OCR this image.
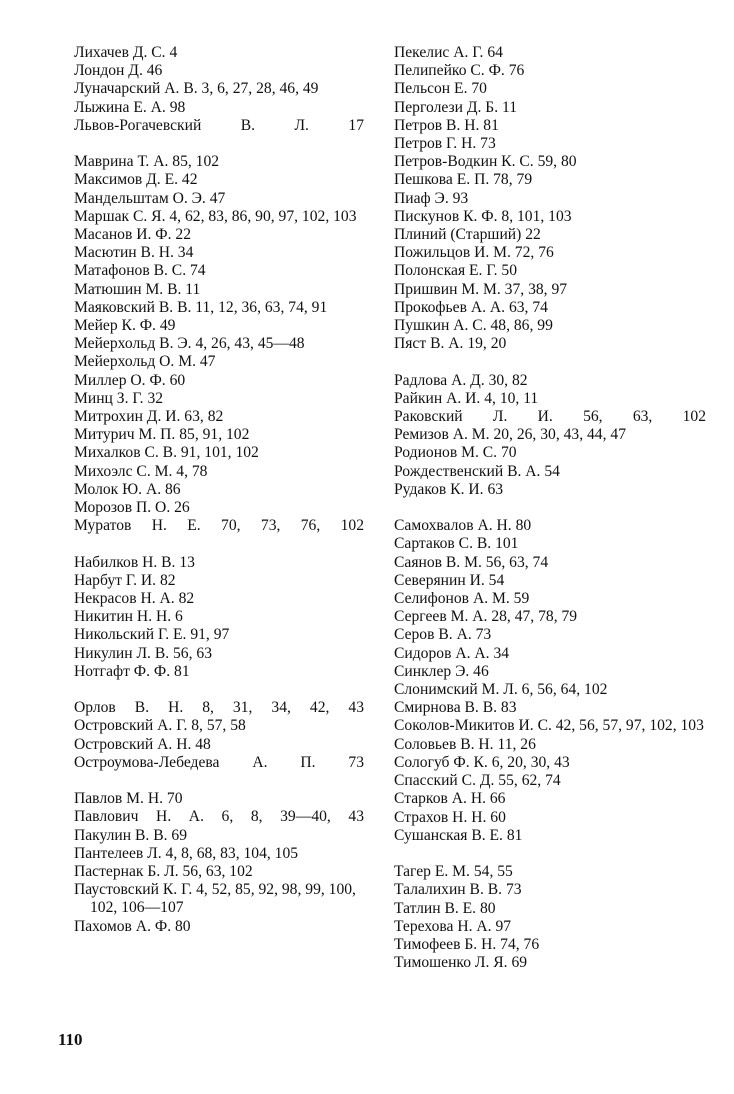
Лихачев Д. С. 4
Лондон Д. 46
Луначарский А. В. 3, 6, 27, 28, 46, 49
Лыжина Е. А. 98
Львов-Рогачевский В. Л. 17
Маврина Т. А. 85, 102
Максимов Д. Е. 42
Мандельштам О. Э. 47
Маршак С. Я. 4, 62, 83, 86, 90, 97, 102, 103
Масанов И. Ф. 22
Масютин В. Н. 34
Матафонов В. С. 74
Матюшин М. В. 11
Маяковский В. В. 11, 12, 36, 63, 74, 91
Мейер К. Ф. 49
Мейерхольд В. Э. 4, 26, 43, 45—48
Мейерхольд О. М. 47
Миллер О. Ф. 60
Минц З. Г. 32
Митрохин Д. И. 63, 82
Митурич М. П. 85, 91, 102
Михалков С. В. 91, 101, 102
Михоэлс С. М. 4, 78
Молок Ю. А. 86
Морозов П. О. 26
Муратов Н. Е. 70, 73, 76, 102
Набилков Н. В. 13
Нарбут Г. И. 82
Некрасов Н. А. 82
Никитин Н. Н. 6
Никольский Г. Е. 91, 97
Никулин Л. В. 56, 63
Нотгафт Ф. Ф. 81
Орлов В. Н. 8, 31, 34, 42, 43
Островский А. Г. 8, 57, 58
Островский А. Н. 48
Остроумова-Лебедева А. П. 73
Павлов М. Н. 70
Павлович Н. А. 6, 8, 39—40, 43
Пакулин В. В. 69
Пантелеев Л. 4, 8, 68, 83, 104, 105
Пастернак Б. Л. 56, 63, 102
Паустовский К. Г. 4, 52, 85, 92, 98, 99, 100, 102, 106—107
Пахомов А. Ф. 80
Пекелис А. Г. 64
Пелипейко С. Ф. 76
Пельсон Е. 70
Перголези Д. Б. 11
Петров В. Н. 81
Петров Г. Н. 73
Петров-Водкин К. С. 59, 80
Пешкова Е. П. 78, 79
Пиаф Э. 93
Пискунов К. Ф. 8, 101, 103
Плиний (Старший) 22
Пожильцов И. М. 72, 76
Полонская Е. Г. 50
Пришвин М. М. 37, 38, 97
Прокофьев А. А. 63, 74
Пушкин А. С. 48, 86, 99
Пяст В. А. 19, 20
Радлова А. Д. 30, 82
Райкин А. И. 4, 10, 11
Раковский Л. И. 56, 63, 102
Ремизов А. М. 20, 26, 30, 43, 44, 47
Родионов М. С. 70
Рождественский В. А. 54
Рудаков К. И. 63
Самохвалов А. Н. 80
Сартаков С. В. 101
Саянов В. М. 56, 63, 74
Северянин И. 54
Селифонов А. М. 59
Сергеев М. А. 28, 47, 78, 79
Серов В. А. 73
Сидоров А. А. 34
Синклер Э. 46
Слонимский М. Л. 6, 56, 64, 102
Смирнова В. В. 83
Соколов-Микитов И. С. 42, 56, 57, 97, 102, 103
Соловьев В. Н. 11, 26
Сологуб Ф. К. 6, 20, 30, 43
Спасский С. Д. 55, 62, 74
Старков А. Н. 66
Страхов Н. Н. 60
Сушанская В. Е. 81
Тагер Е. М. 54, 55
Талалихин В. В. 73
Татлин В. Е. 80
Терехова Н. А. 97
Тимофеев Б. Н. 74, 76
Тимошенко Л. Я. 69
110
